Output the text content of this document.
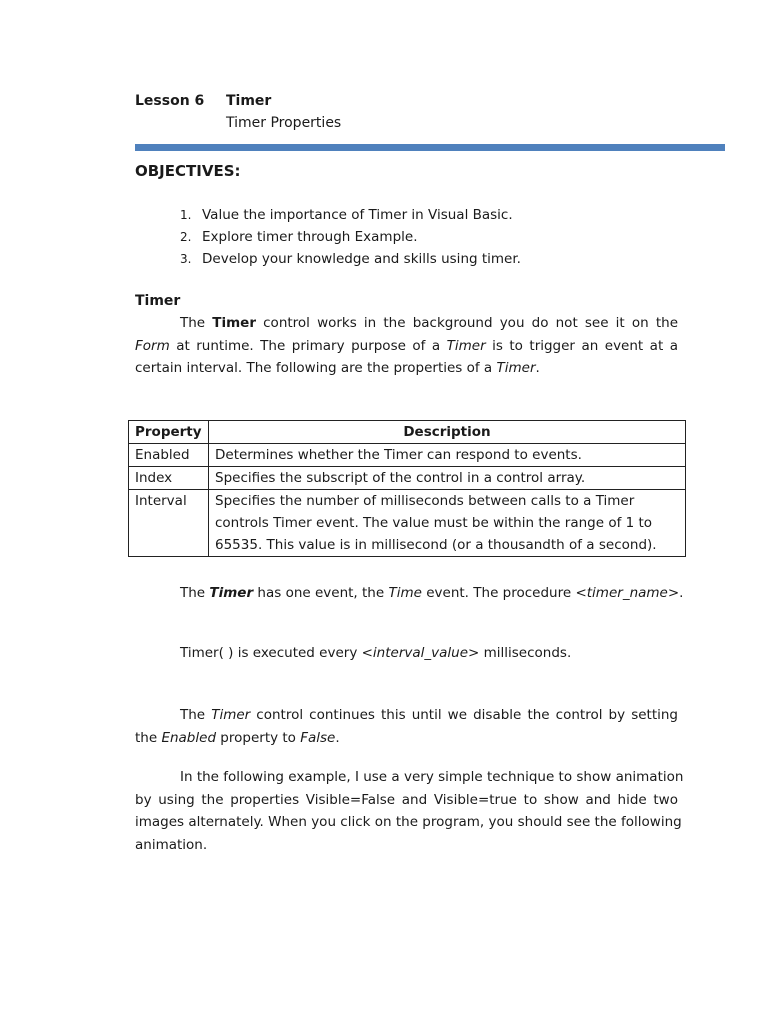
Lesson 6 Timer
Timer Properties
OBJECTIVES:
1. Value the importance of Timer in Visual Basic.
2. Explore timer through Example.
3. Develop your knowledge and skills using timer.
Timer
The Timer control works in the background you do not see it on the
Form at runtime. The primary purpose of a Timer is to trigger an event at a
certain interval. The following are the properties of a Timer.
Property	Description
Enabled	Determines whether the Timer can respond to events.
Index	Specifies the subscript of the control in a control array.
Interval	Specifies the number of milliseconds between calls to a Timer controls Timer event. The value must be within the range of 1 to 65535. This value is in millisecond (or a thousandth of a second).
The Timer has one event, the Time event. The procedure <timer_name>.
Timer( ) is executed every <interval_value> milliseconds.
The Timer control continues this until we disable the control by setting
the Enabled property to False.
In the following example, I use a very simple technique to show animation
by using the properties Visible=False and Visible=true to show and hide two
images alternately. When you click on the program, you should see the following
animation.
